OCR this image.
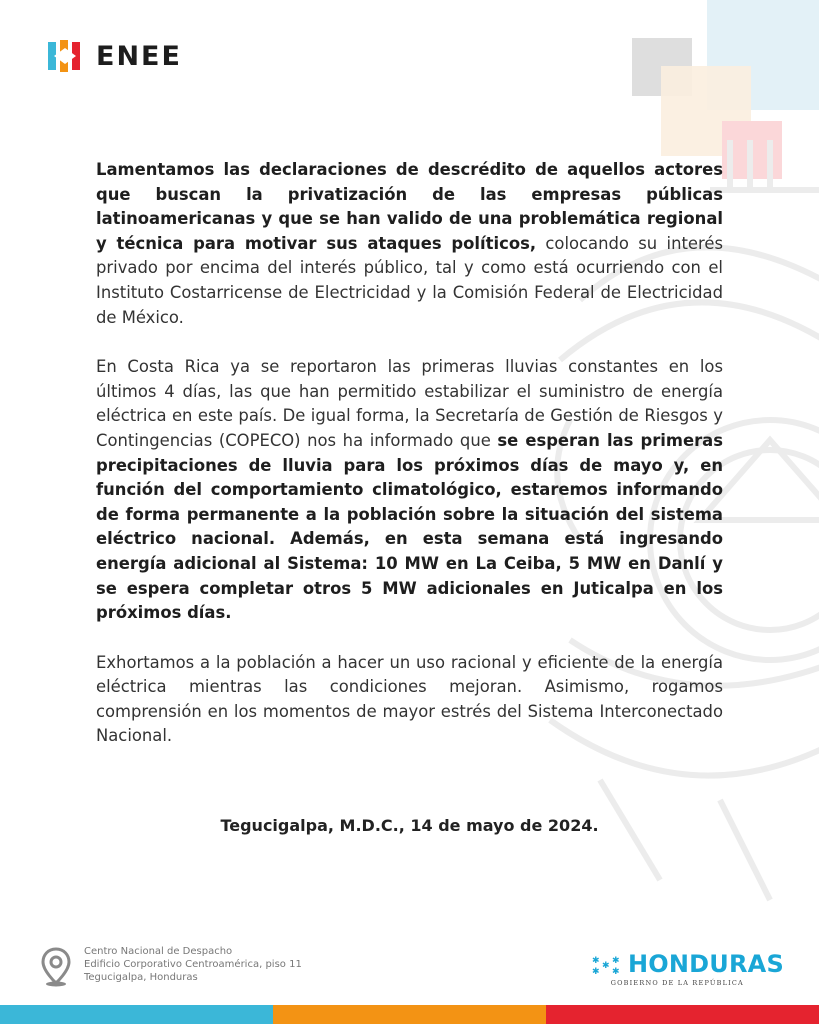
ENEE

Lamentamos las declaraciones de descrédito de aquellos actores que buscan la privatización de las empresas públicas latinoamericanas y que se han valido de una problemática regional y técnica para motivar sus ataques políticos, colocando su interés privado por encima del interés público, tal y como está ocurriendo con el Instituto Costarricense de Electricidad y la Comisión Federal de Electricidad de México.

En Costa Rica ya se reportaron las primeras lluvias constantes en los últimos 4 días, las que han permitido estabilizar el suministro de energía eléctrica en este país. De igual forma, la Secretaría de Gestión de Riesgos y Contingencias (COPECO) nos ha informado que se esperan las primeras precipitaciones de lluvia para los próximos días de mayo y, en función del comportamiento climatológico, estaremos informando de forma permanente a la población sobre la situación del sistema eléctrico nacional. Además, en esta semana está ingresando energía adicional al Sistema: 10 MW en La Ceiba, 5 MW en Danlí y se espera completar otros 5 MW adicionales en Juticalpa en los próximos días.

Exhortamos a la población a hacer un uso racional y eficiente de la energía eléctrica mientras las condiciones mejoran. Asimismo, rogamos comprensión en los momentos de mayor estrés del Sistema Interconectado Nacional.

Tegucigalpa, M.D.C., 14 de mayo de 2024.
Centro Nacional de Despacho
Edificio Corporativo Centroamérica, piso 11
Tegucigalpa, Honduras
✱ ✱
✱
✱ ✱ HONDURAS
GOBIERNO DE LA REPÚBLICA
